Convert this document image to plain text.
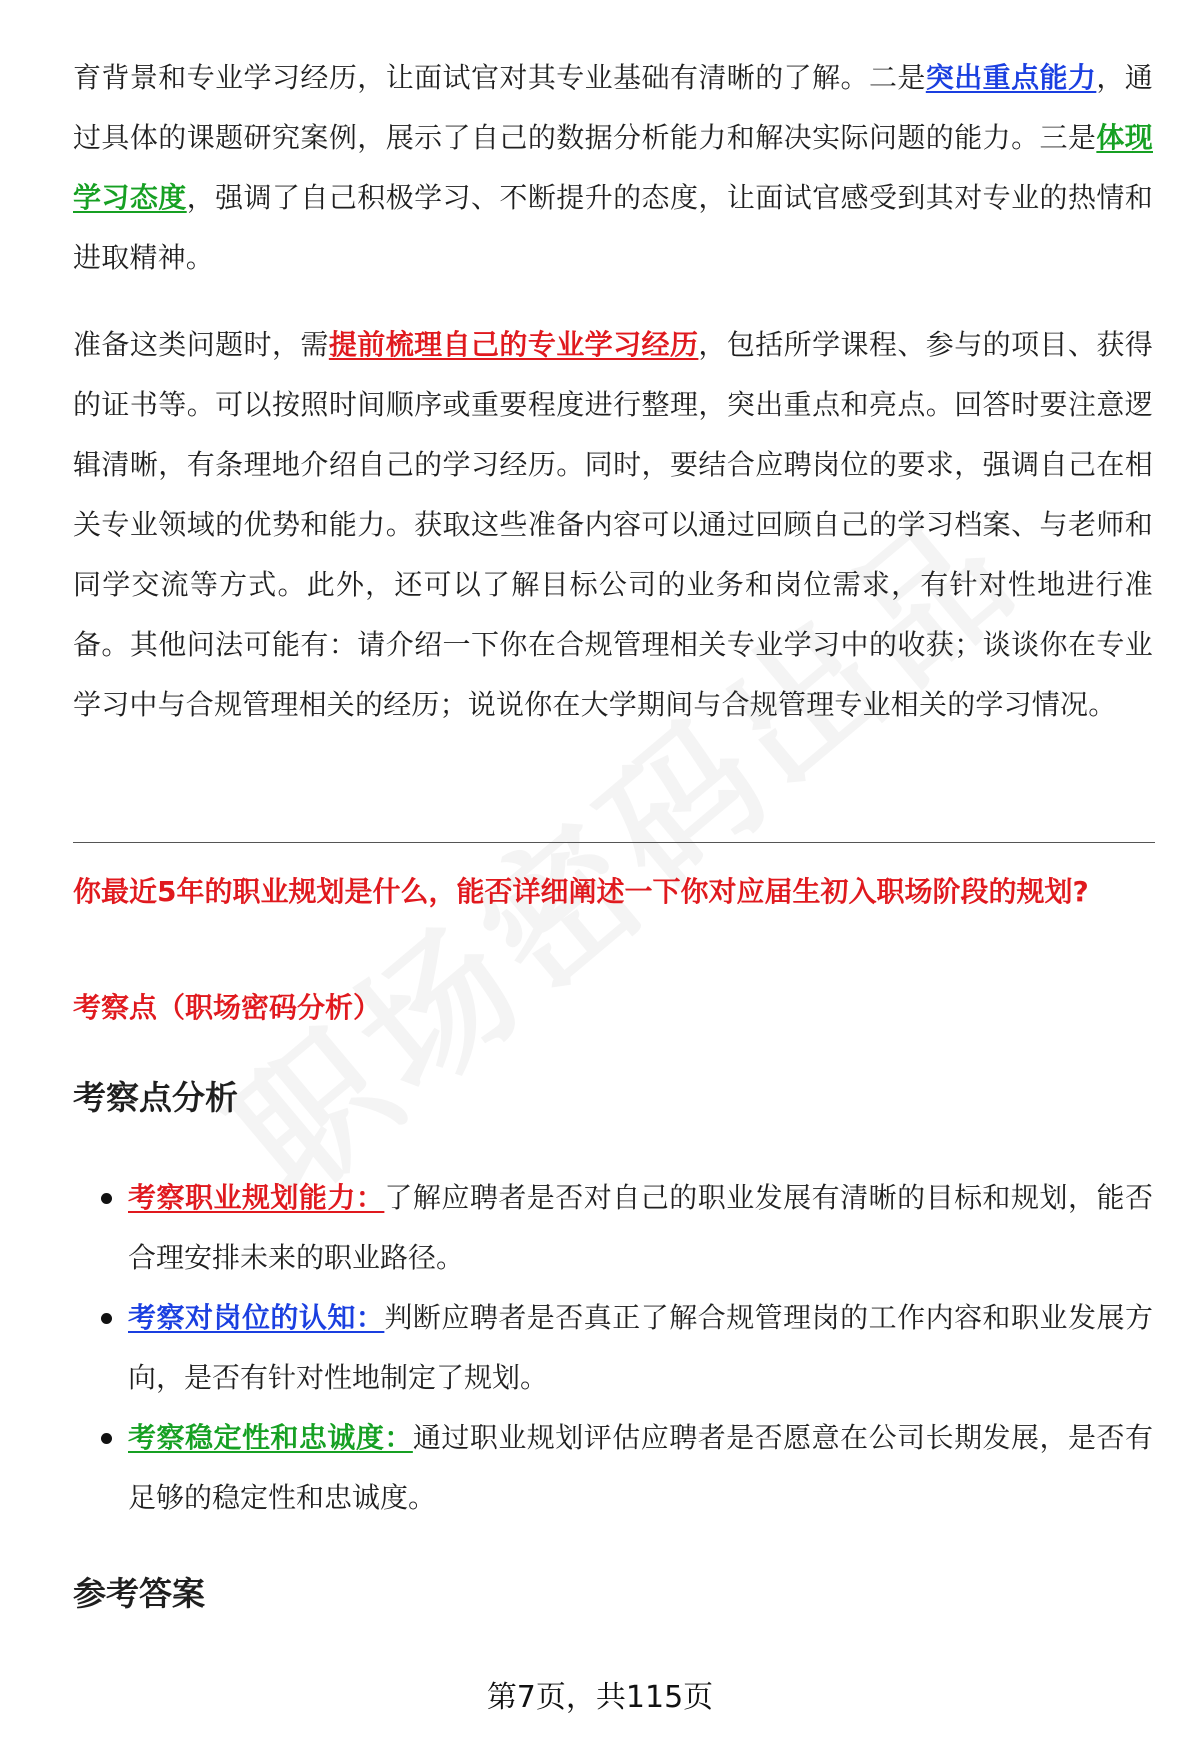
育背景和专业学习经历，让面试官对其专业基础有清晰的了解。二是突出重点能力，通过具体的课题研究案例，展示了自己的数据分析能力和解决实际问题的能力。三是体现学习态度，强调了自己积极学习、不断提升的态度，让面试官感受到其对专业的热情和进取精神。

准备这类问题时，需提前梳理自己的专业学习经历，包括所学课程、参与的项目、获得的证书等。可以按照时间顺序或重要程度进行整理，突出重点和亮点。回答时要注意逻辑清晰，有条理地介绍自己的学习经历。同时，要结合应聘岗位的要求，强调自己在相关专业领域的优势和能力。获取这些准备内容可以通过回顾自己的学习档案、与老师和同学交流等方式。此外，还可以了解目标公司的业务和岗位需求，有针对性地进行准备。其他问法可能有：请介绍一下你在合规管理相关专业学习中的收获；谈谈你在专业学习中与合规管理相关的经历；说说你在大学期间与合规管理专业相关的学习情况。

你最近5年的职业规划是什么，能否详细阐述一下你对应届生初入职场阶段的规划?

考察点（职场密码分析）

考察点分析
考察职业规划能力：了解应聘者是否对自己的职业发展有清晰的目标和规划，能否合理安排未来的职业路径。
考察对岗位的认知：判断应聘者是否真正了解合规管理岗的工作内容和职业发展方向，是否有针对性地制定了规划。
考察稳定性和忠诚度：通过职业规划评估应聘者是否愿意在公司长期发展，是否有足够的稳定性和忠诚度。
参考答案
第7页，共115页
